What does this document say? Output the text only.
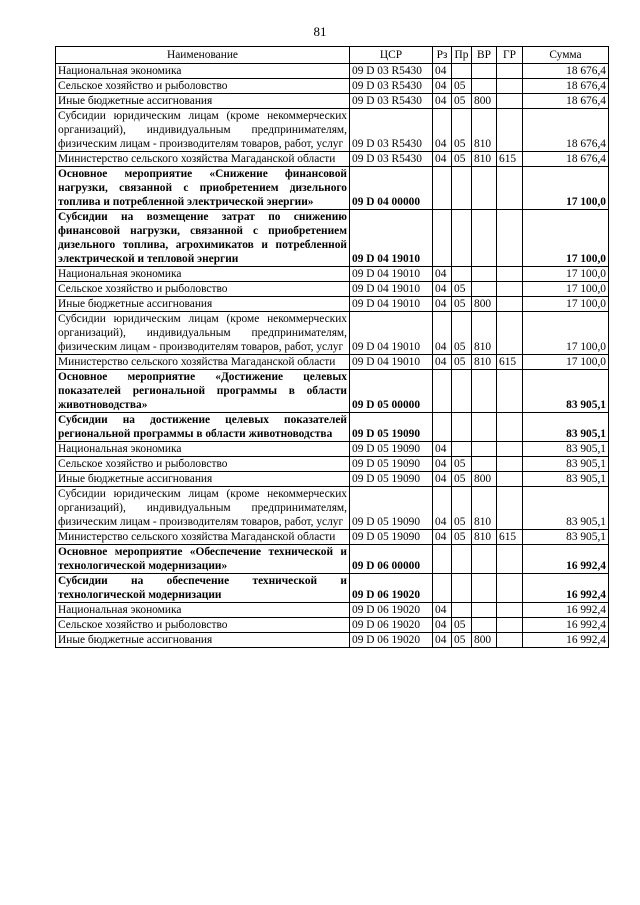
81
Наименование	ЦСР	Рз	Пр	ВР	ГР	Сумма
Национальная экономика	09 D 03 R5430	04				18 676,4
Сельское хозяйство и рыболовство	09 D 03 R5430	04	05			18 676,4
Иные бюджетные ассигнования	09 D 03 R5430	04	05	800		18 676,4
Субсидии юридическим лицам (кроме некоммерческих организаций), индивидуальным предпринимателям, физическим лицам - производителям товаров, работ, услуг	09 D 03 R5430	04	05	810		18 676,4
Министерство сельского хозяйства Магаданской области	09 D 03 R5430	04	05	810	615	18 676,4
Основное мероприятие «Снижение финансовой нагрузки, связанной с приобретением дизельного топлива и потребленной электрической энергии»	09 D 04 00000					17 100,0
Субсидии на возмещение затрат по снижению финансовой нагрузки, связанной с приобретением дизельного топлива, агрохимикатов и потребленной электрической и тепловой энергии	09 D 04 19010					17 100,0
Национальная экономика	09 D 04 19010	04				17 100,0
Сельское хозяйство и рыболовство	09 D 04 19010	04	05			17 100,0
Иные бюджетные ассигнования	09 D 04 19010	04	05	800		17 100,0
Субсидии юридическим лицам (кроме некоммерческих организаций), индивидуальным предпринимателям, физическим лицам - производителям товаров, работ, услуг	09 D 04 19010	04	05	810		17 100,0
Министерство сельского хозяйства Магаданской области	09 D 04 19010	04	05	810	615	17 100,0
Основное мероприятие «Достижение целевых показателей региональной программы в области животноводства»	09 D 05 00000					83 905,1
Субсидии на достижение целевых показателей региональной программы в области животноводства	09 D 05 19090					83 905,1
Национальная экономика	09 D 05 19090	04				83 905,1
Сельское хозяйство и рыболовство	09 D 05 19090	04	05			83 905,1
Иные бюджетные ассигнования	09 D 05 19090	04	05	800		83 905,1
Субсидии юридическим лицам (кроме некоммерческих организаций), индивидуальным предпринимателям, физическим лицам - производителям товаров, работ, услуг	09 D 05 19090	04	05	810		83 905,1
Министерство сельского хозяйства Магаданской области	09 D 05 19090	04	05	810	615	83 905,1
Основное мероприятие «Обеспечение технической и технологической модернизации»	09 D 06 00000					16 992,4
Субсидии на обеспечение технической и технологической модернизации	09 D 06 19020					16 992,4
Национальная экономика	09 D 06 19020	04				16 992,4
Сельское хозяйство и рыболовство	09 D 06 19020	04	05			16 992,4
Иные бюджетные ассигнования	09 D 06 19020	04	05	800		16 992,4
